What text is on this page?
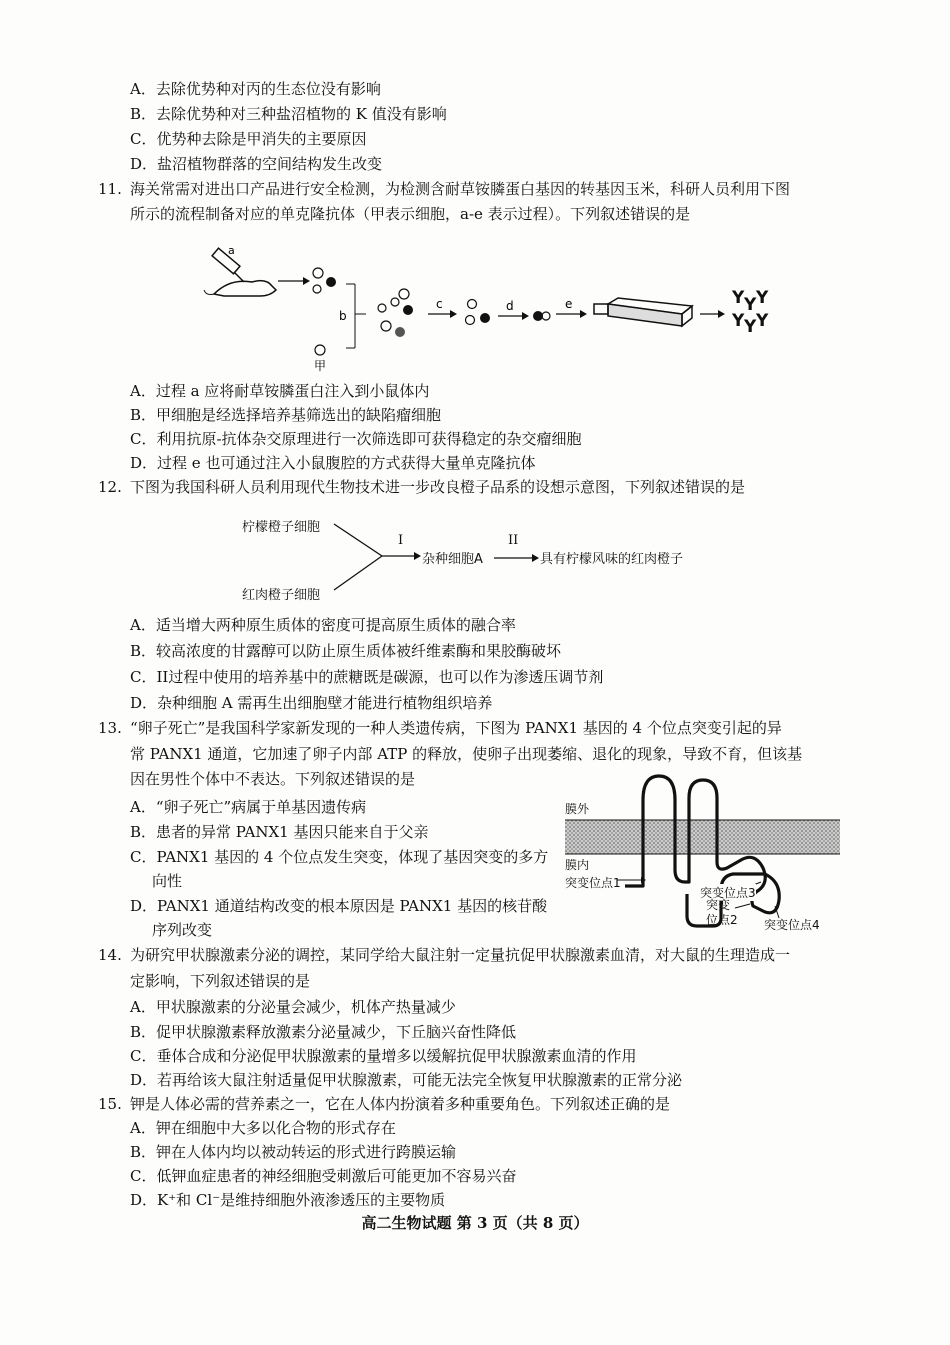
A．去除优势种对丙的生态位没有影响
B．去除优势种对三种盐沼植物的 K 值没有影响
C．优势种去除是甲消失的主要原因
D．盐沼植物群落的空间结构发生改变
11. 海关常需对进出口产品进行安全检测，为检测含耐草铵膦蛋白基因的转基因玉米，科研人员利用下图
所示的流程制备对应的单克隆抗体（甲表示细胞，a-e 表示过程）。下列叙述错误的是
a
b
甲
c	d	e	Y Y Y
Y Y Y
A．过程 a 应将耐草铵膦蛋白注入到小鼠体内
B．甲细胞是经选择培养基筛选出的缺陷瘤细胞
C．利用抗原-抗体杂交原理进行一次筛选即可获得稳定的杂交瘤细胞
D．过程 e 也可通过注入小鼠腹腔的方式获得大量单克隆抗体
12. 下图为我国科研人员利用现代生物技术进一步改良橙子品系的设想示意图，下列叙述错误的是
柠檬橙子细胞
红肉橙子细胞
I
杂种细胞A
II
具有柠檬风味的红肉橙子
A．适当增大两种原生质体的密度可提高原生质体的融合率
B．较高浓度的甘露醇可以防止原生质体被纤维素酶和果胶酶破坏
C．II过程中使用的培养基中的蔗糖既是碳源，也可以作为渗透压调节剂
D．杂种细胞 A 需再生出细胞壁才能进行植物组织培养
13. “卵子死亡”是我国科学家新发现的一种人类遗传病，下图为 PANX1 基因的 4 个位点突变引起的异
常 PANX1 通道，它加速了卵子内部 ATP 的释放，使卵子出现萎缩、退化的现象，导致不育，但该基
因在男性个体中不表达。下列叙述错误的是
A．“卵子死亡”病属于单基因遗传病
B．患者的异常 PANX1 基因只能来自于父亲
C．PANX1 基因的 4 个位点发生突变，体现了基因突变的多方
向性
D．PANX1 通道结构改变的根本原因是 PANX1 基因的核苷酸
序列改变
膜外
膜内
突变位点1
突变位点3
突变
位点2 突变位点4
14. 为研究甲状腺激素分泌的调控，某同学给大鼠注射一定量抗促甲状腺激素血清，对大鼠的生理造成一
定影响，下列叙述错误的是
A．甲状腺激素的分泌量会减少，机体产热量减少
B．促甲状腺激素释放激素分泌量减少，下丘脑兴奋性降低
C．垂体合成和分泌促甲状腺激素的量增多以缓解抗促甲状腺激素血清的作用
D．若再给该大鼠注射适量促甲状腺激素，可能无法完全恢复甲状腺激素的正常分泌
15. 钾是人体必需的营养素之一，它在人体内扮演着多种重要角色。下列叙述正确的是
A．钾在细胞中大多以化合物的形式存在
B．钾在人体内均以被动转运的形式进行跨膜运输
C．低钾血症患者的神经细胞受刺激后可能更加不容易兴奋
D．K⁺和 Cl⁻是维持细胞外液渗透压的主要物质
高二生物试题 第 3 页（共 8 页）
